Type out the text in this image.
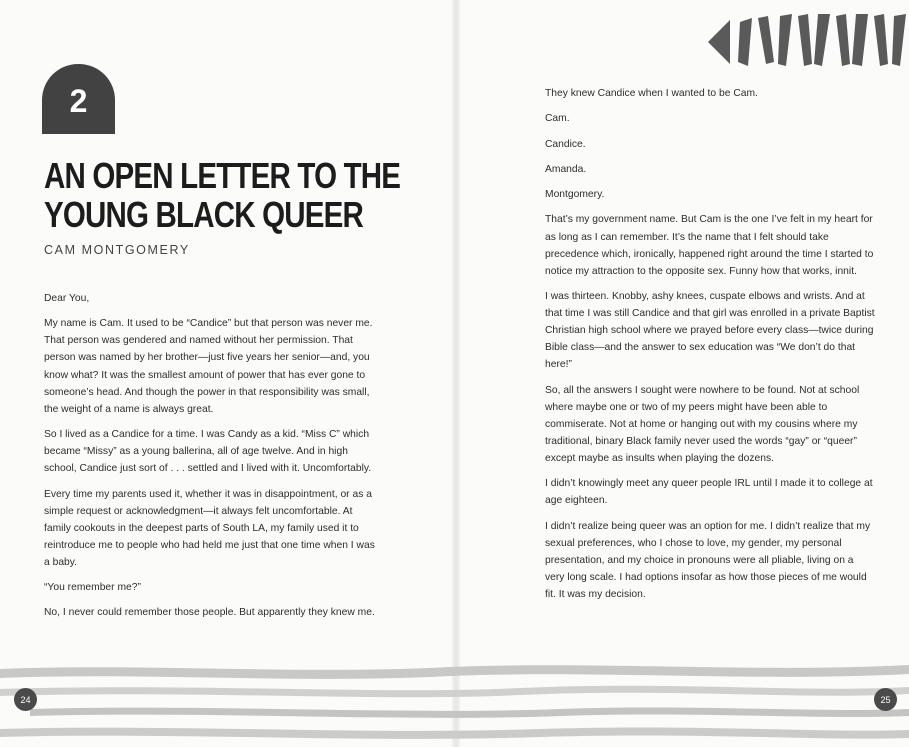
2
AN OPEN LETTER TO THE
YOUNG BLACK QUEER
CAM MONTGOMERY

Dear You,

My name is Cam. It used to be “Candice” but that person was never me. That person was gendered and named without her permission. That person was named by her brother—just five years her senior—and, you know what? It was the smallest amount of power that has ever gone to someone’s head. And though the power in that responsibility was small, the weight of a name is always great.

So I lived as a Candice for a time. I was Candy as a kid. “Miss C” which became “Missy” as a young ballerina, all of age twelve. And in high school, Candice just sort of . . . settled and I lived with it. Uncomfortably.

Every time my parents used it, whether it was in disappointment, or as a simple request or acknowledgment—it always felt uncomfortable. At family cookouts in the deepest parts of South LA, my family used it to reintroduce me to people who had held me just that one time when I was a baby.

“You remember me?”

No, I never could remember those people. But apparently they knew me.

They knew Candice when I wanted to be Cam.

Cam.

Candice.

Amanda.

Montgomery.

That’s my government name. But Cam is the one I’ve felt in my heart for as long as I can remember. It’s the name that I felt should take precedence which, ironically, happened right around the time I started to notice my attraction to the opposite sex. Funny how that works, innit.

I was thirteen. Knobby, ashy knees, cuspate elbows and wrists. And at that time I was still Candice and that girl was enrolled in a private Baptist Christian high school where we prayed before every class—twice during Bible class—and the answer to sex education was “We don’t do that here!”

So, all the answers I sought were nowhere to be found. Not at school where maybe one or two of my peers might have been able to commiserate. Not at home or hanging out with my cousins where my traditional, binary Black family never used the words “gay” or “queer” except maybe as insults when playing the dozens.

I didn’t knowingly meet any queer people IRL until I made it to college at age eighteen.

I didn’t realize being queer was an option for me. I didn’t realize that my sexual preferences, who I chose to love, my gender, my personal presentation, and my choice in pronouns were all pliable, living on a very long scale. I had options insofar as how those pieces of me would fit. It was my decision.

24	25
